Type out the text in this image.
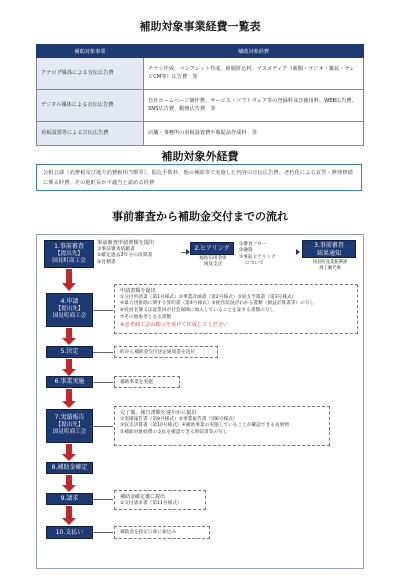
補助対象事業経費一覧表
補助対象事業	補助対象経費
アナログ媒体による宣伝広告費	チラシ作成、パンフレット作成、新聞折込料、マスメディア（新聞・ラジオ・雑誌・テレビCM等）広告費　等
デジタル媒体による宣伝広告費	自社ホームページ制作費、サービス・ソフトウェア等の登録料及び使用料、WEB広告費、SNS広告費、動画広告費　等
看板設置等による宣伝広告費	店舗・事務所の看板設置費や販促品作成料　等
補助対象外経費
公租公課（消費税及び地方消費税相当額等）、振込手数料、他の補助等で実施した内容の宣伝広告費、老朽化による買替・修理修繕に係る経費、その他町長が不適当と認める経費
事前審査から補助金交付までの流れ
1.事前審査
【提出先】
国見町商工会
事前審査申請書類を提出
①事前審査依頼書
②確定過去3年分の決算書
③見積書
2.ヒアリング
福島信用金庫
国見支店
①審査フロー
②融資
③事前ヒアリング
について
3.事前審査
結果通知
国見町産業振興課
商工観光係
4.申請
【提出先】
国見町商工会
申請書類を提出
①交付申請書（第1号様式）②事業計画書（第2号様式）③収支予算書（第3号様式）
④暴力団排除に関する誓約書（第4号様式）⑤経営状況がわかる書類（損益計算書等）の写し
⑥役員名簿又は従業員が社会保険に加入していることを証する書類の写し
⑦その他参考となる書類
※必ず商工会の助言を受けて作成してください
5.決定	町から補助金交付決定通知書を送付
6.事業実施	補助事業を実施
7.実績報告
【提出先】
国見町商工会
完了後、報告書類を速やかに提出
①実績報告書（第9号様式）②事業報告書（別6号様式）
③収支決算書（第10号様式）④補助事業の実施していることが確認できる成果物
⑤補助対象経費の支払を確認できる領収書等の写し
8.補助金確定
9.請求	補助金確定後に提出
①交付請求書（第11号様式）
10.支払い	補助金を指定口座に振込み
